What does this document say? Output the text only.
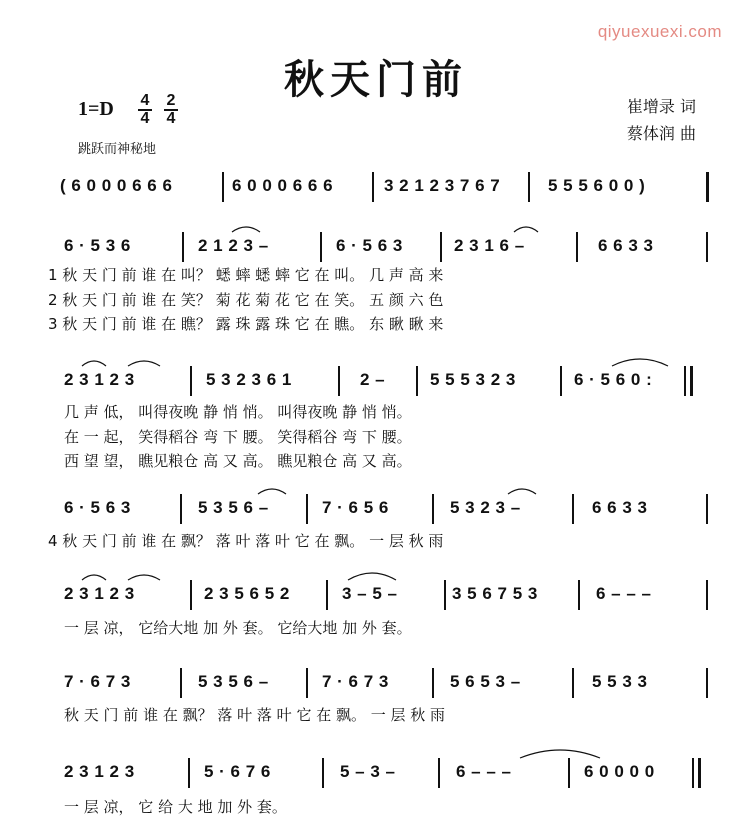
qiyuexuexi.com
秋天门前
1=D 4
4
2
4
崔增录 词
蔡体润 曲
跳跃而神秘地
( 6 0 0 0 6 6 6	6 0 0 0 6 6 6	3 2 1 2 3 7 6 7	5 5 5 6 0 0 )
6 · 5 3 6	2 1 2 3 –	6 · 5 6 3	2 3 1 6 –	6 6 3 3
1 秋 天 门 前 谁 在 叫？ 蟋 蟀 蟋 蟀 它 在 叫。 几 声 高 来
2 秋 天 门 前 谁 在 笑？ 菊 花 菊 花 它 在 笑。 五 颜 六 色
3 秋 天 门 前 谁 在 瞧？ 露 珠 露 珠 它 在 瞧。 东 瞅 瞅 来
2 3 1 2 3	5 3 2 3 6 1	2 –	5 5 5 3 2 3	6 · 5 6 0 :
几 声 低， 叫得夜晚 静 悄 悄。 叫得夜晚 静 悄 悄。
在 一 起， 笑得稻谷 弯 下 腰。 笑得稻谷 弯 下 腰。
西 望 望， 瞧见粮仓 高 又 高。 瞧见粮仓 高 又 高。
6 · 5 6 3	5 3 5 6 –	7 · 6 5 6	5 3 2 3 –	6 6 3 3
4 秋 天 门 前 谁 在 飘？ 落 叶 落 叶 它 在 飘。 一 层 秋 雨
2 3 1 2 3	2 3 5 6 5 2	3 – 5 –	3 5 6 7 5 3	6 – – –
一 层 凉， 它给大地 加 外 套。 它给大地 加 外 套。
7 · 6 7 3	5 3 5 6 –	7 · 6 7 3	5 6 5 3 –	5 5 3 3
秋 天 门 前 谁 在 飘？ 落 叶 落 叶 它 在 飘。 一 层 秋 雨
2 3 1 2 3	5 · 6 7 6	5 – 3 –	6 – – –	6 0 0 0 0
一 层 凉， 它 给 大 地 加 外 套。
